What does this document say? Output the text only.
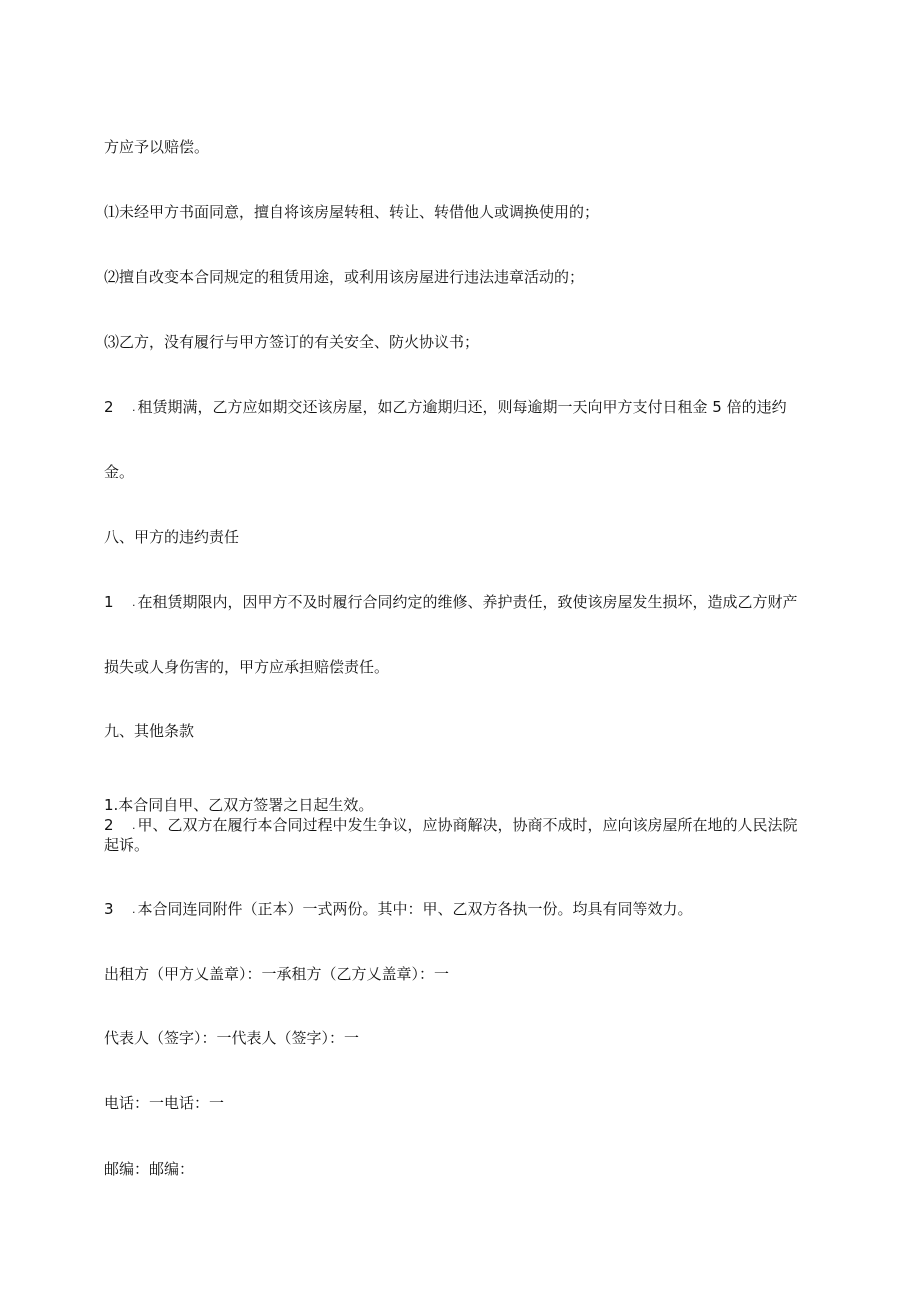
方应予以赔偿。

⑴未经甲方书面同意，擅自将该房屋转租、转让、转借他人或调换使用的；

⑵擅自改变本合同规定的租赁用途，或利用该房屋进行违法违章活动的；

⑶乙方，没有履行与甲方签订的有关安全、防火协议书；

2 . 租赁期满，乙方应如期交还该房屋，如乙方逾期归还，则每逾期一天向甲方支付日租金 5 倍的违约

金。

八、甲方的违约责任

1 . 在租赁期限内，因甲方不及时履行合同约定的维修、养护责任，致使该房屋发生损坏，造成乙方财产

损失或人身伤害的，甲方应承担赔偿责任。

九、其他条款

1.本合同自甲、乙双方签署之日起生效。

2 . 甲、乙双方在履行本合同过程中发生争议，应协商解决，协商不成时，应向该房屋所在地的人民法院

起诉。

3 . 本合同连同附件（正本）一式两份。其中：甲、乙双方各执一份。均具有同等效力。

出租方（甲方乂盖章）：一承租方（乙方乂盖章）：一

代表人（签字）：一代表人（签字）：一

电话：一电话：一

邮编：邮编：
